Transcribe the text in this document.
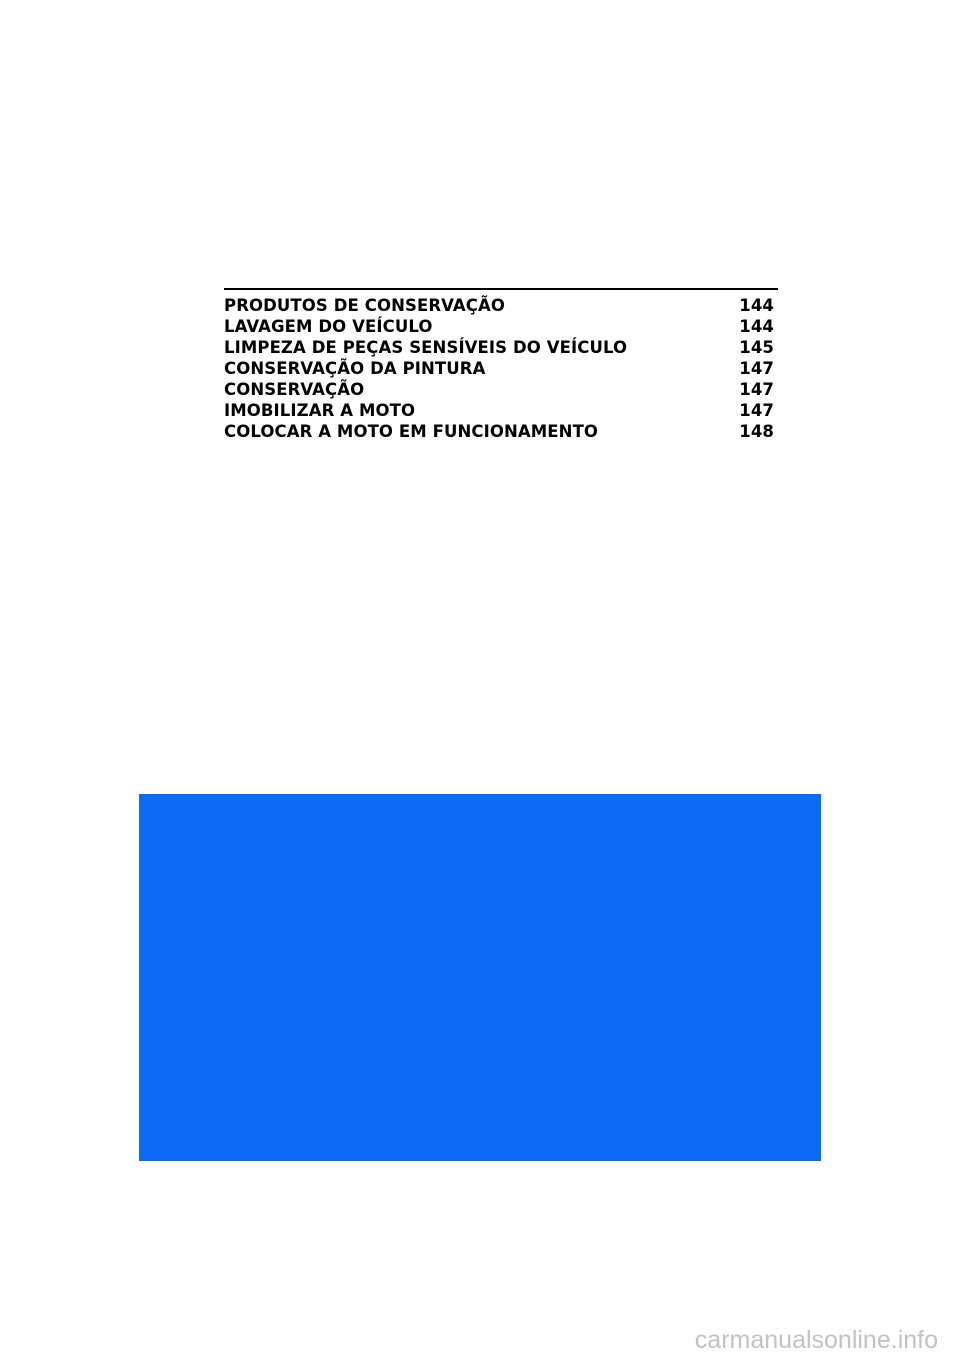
PRODUTOS DE CONSERVAÇÃO	144
LAVAGEM DO VEÍCULO	144
LIMPEZA DE PEÇAS SENSÍVEIS DO VEÍCULO	145
CONSERVAÇÃO DA PINTURA	147
CONSERVAÇÃO	147
IMOBILIZAR A MOTO	147
COLOCAR A MOTO EM FUNCIONAMENTO	148
carmanualsonline.info
